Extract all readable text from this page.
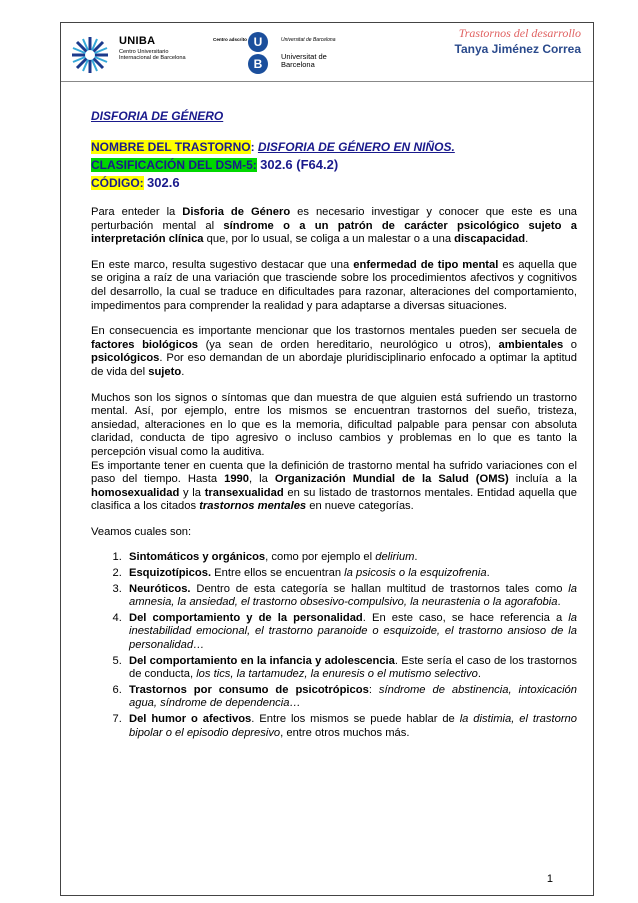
UNIBA
Centro Universitario Internacional de Barcelona
Centro adscrito U
B
Universitat de Barcelona
Universitat de Barcelona
Trastornos del desarrollo
Tanya Jiménez Correa
DISFORIA DE GÉNERO
NOMBRE DEL TRASTORNO: DISFORIA DE GÉNERO EN NIÑOS.
CLASIFICACIÓN DEL DSM-5: 302.6 (F64.2)
CÓDIGO: 302.6

Para enteder la Disforia de Género es necesario investigar y conocer que este es una perturbación mental al síndrome o a un patrón de carácter psicológico sujeto a interpretación clínica que, por lo usual, se coliga a un malestar o a una discapacidad.

En este marco, resulta sugestivo destacar que una enfermedad de tipo mental es aquella que se origina a raíz de una variación que trasciende sobre los procedimientos afectivos y cognitivos del desarrollo, la cual se traduce en dificultades para razonar, alteraciones del comportamiento, impedimentos para comprender la realidad y para adaptarse a diversas situaciones.

En consecuencia es importante mencionar que los trastornos mentales pueden ser secuela de factores biológicos (ya sean de orden hereditario, neurológico u otros), ambientales o psicológicos. Por eso demandan de un abordaje pluridisciplinario enfocado a optimar la aptitud de vida del sujeto.

Muchos son los signos o síntomas que dan muestra de que alguien está sufriendo un trastorno mental. Así, por ejemplo, entre los mismos se encuentran trastornos del sueño, tristeza, ansiedad, alteraciones en lo que es la memoria, dificultad palpable para pensar con absoluta claridad, conducta de tipo agresivo o incluso cambios y problemas en lo que es tanto la percepción visual como la auditiva.

Es importante tener en cuenta que la definición de trastorno mental ha sufrido variaciones con el paso del tiempo. Hasta 1990, la Organización Mundial de la Salud (OMS) incluía a la homosexualidad y la transexualidad en su listado de trastornos mentales. Entidad aquella que clasifica a los citados trastornos mentales en nueve categorías.

Veamos cuales son:

1. Sintomáticos y orgánicos, como por ejemplo el delirium.
2. Esquizotípicos. Entre ellos se encuentran la psicosis o la esquizofrenia.
3. Neuróticos. Dentro de esta categoría se hallan multitud de trastornos tales como la amnesia, la ansiedad, el trastorno obsesivo-compulsivo, la neurastenia o la agorafobia.
4. Del comportamiento y de la personalidad. En este caso, se hace referencia a la inestabilidad emocional, el trastorno paranoide o esquizoide, el trastorno ansioso de la personalidad…
5. Del comportamiento en la infancia y adolescencia. Este sería el caso de los trastornos de conducta, los tics, la tartamudez, la enuresis o el mutismo selectivo.
6. Trastornos por consumo de psicotrópicos: síndrome de abstinencia, intoxicación agua, síndrome de dependencia…
7. Del humor o afectivos. Entre los mismos se puede hablar de la distimia, el trastorno bipolar o el episodio depresivo, entre otros muchos más.
1
